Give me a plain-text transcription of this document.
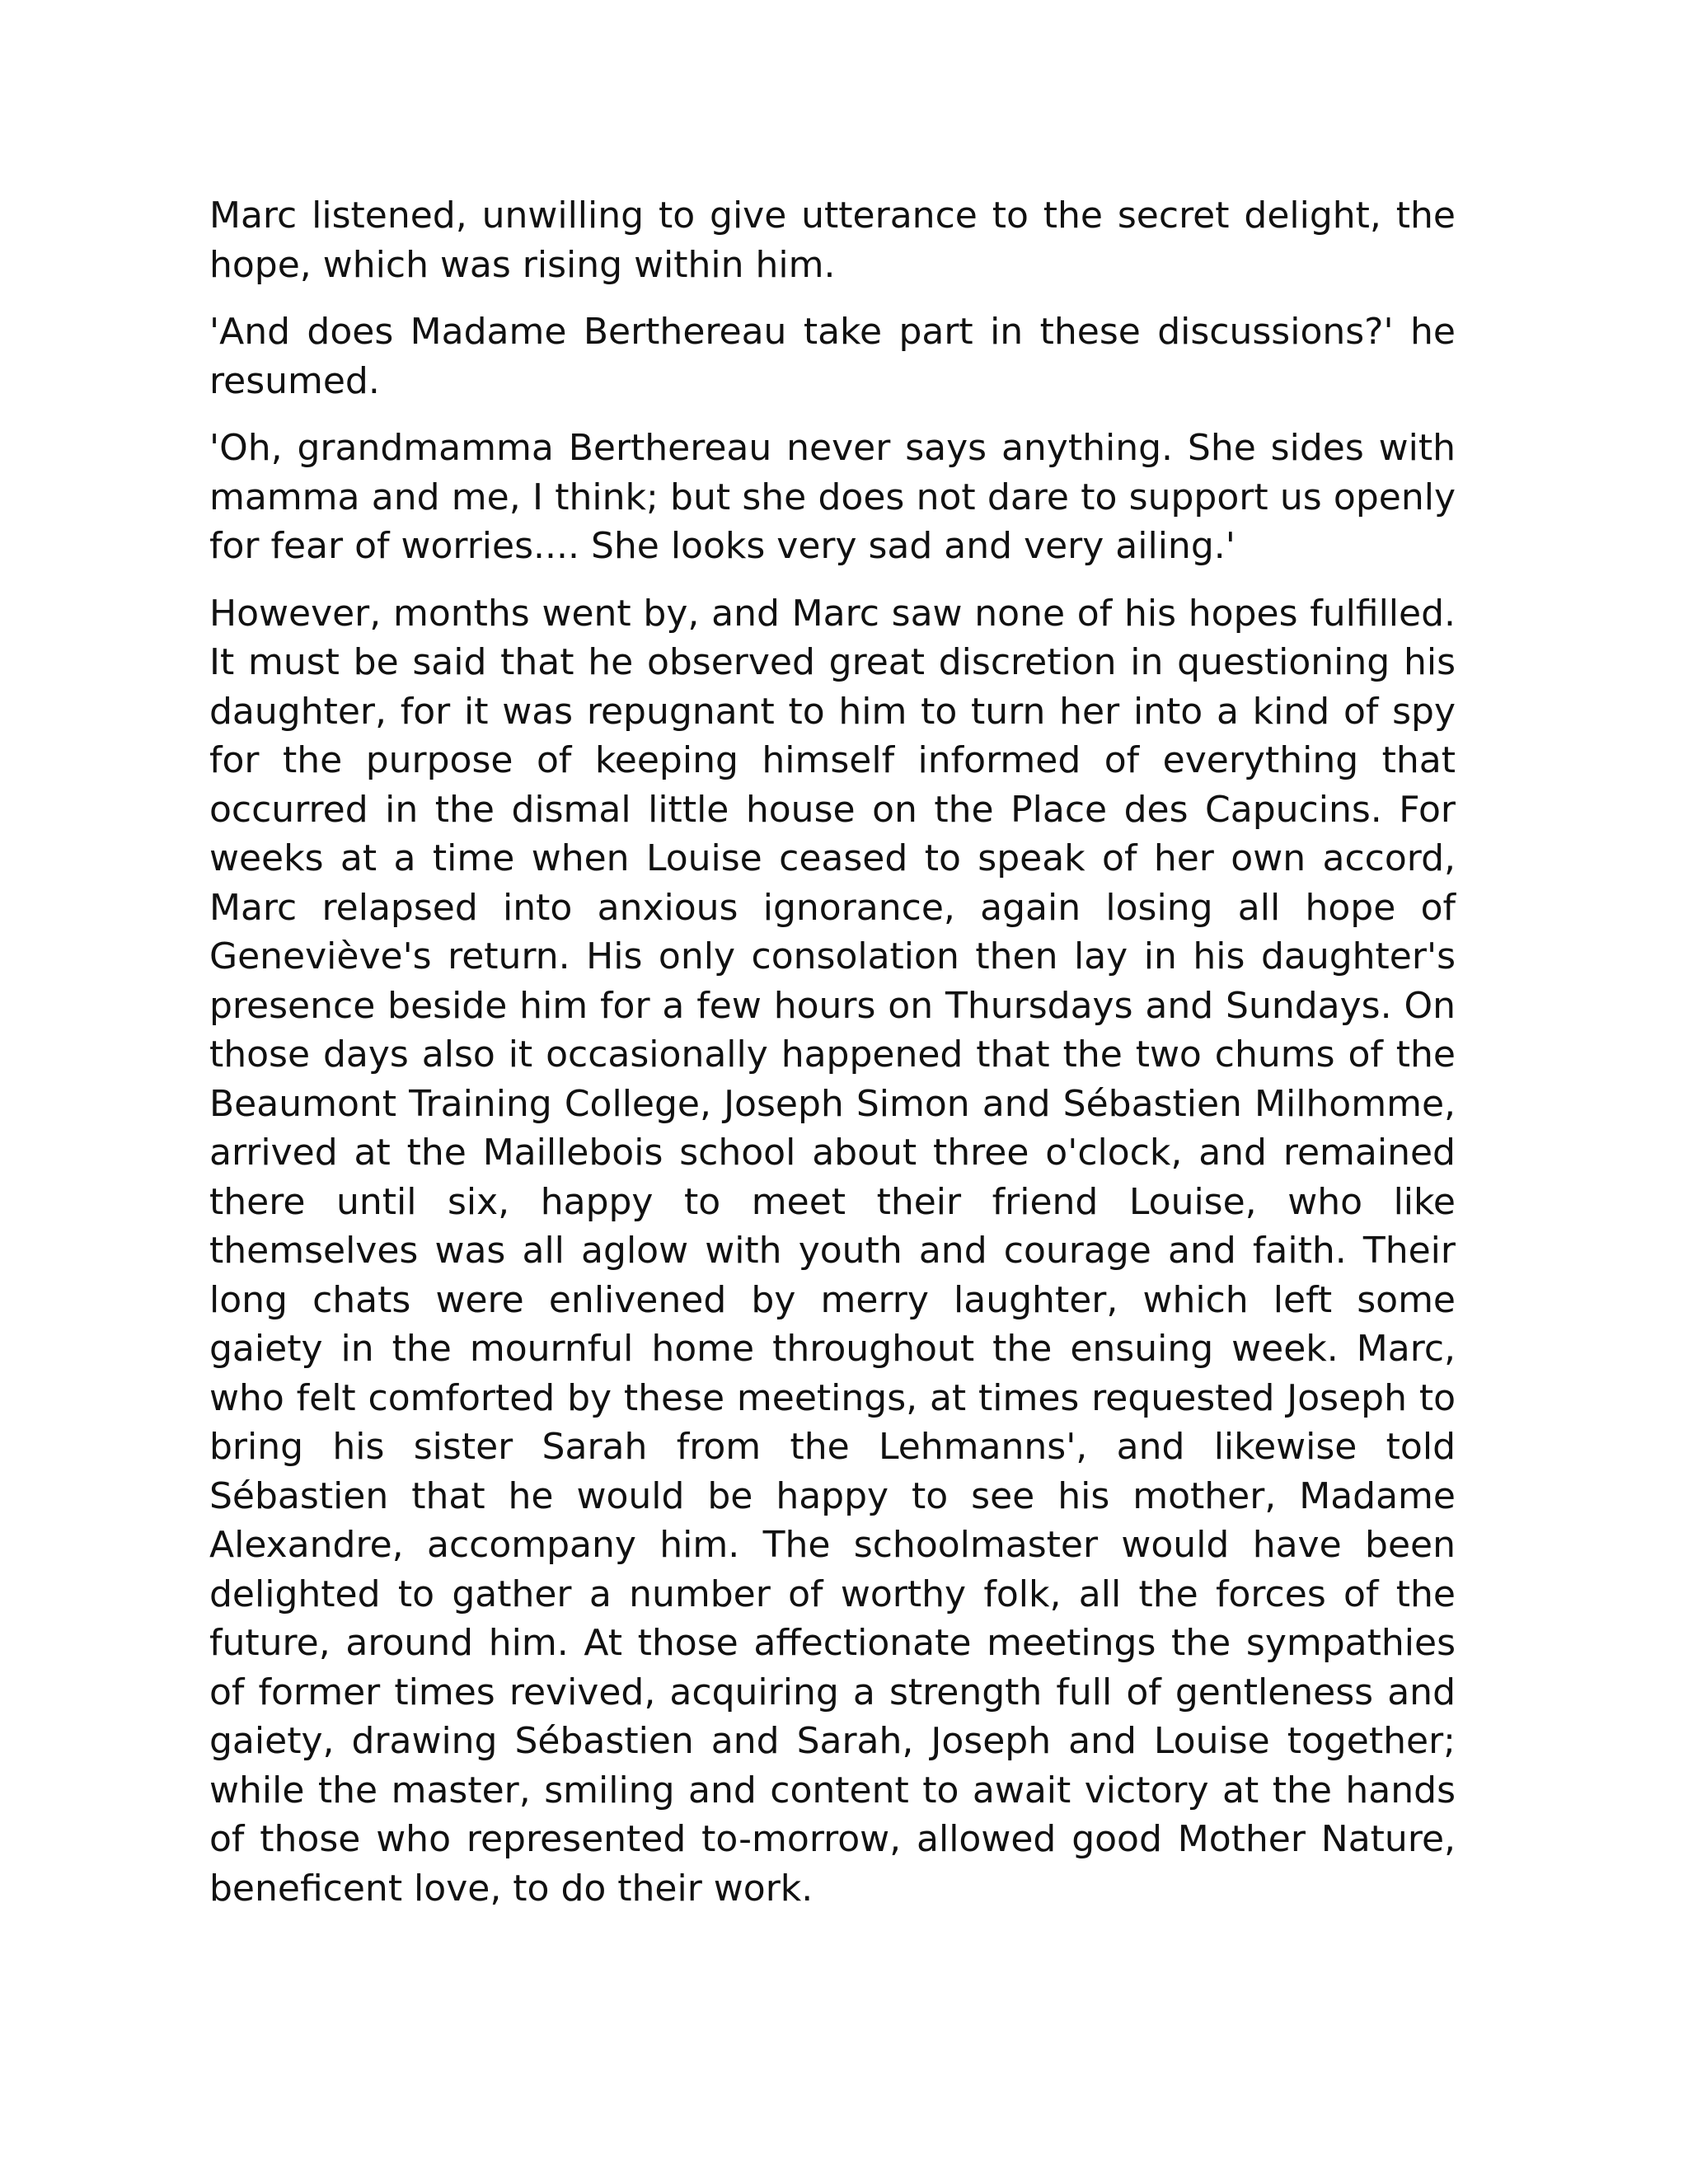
Marc listened, unwilling to give utterance to the secret delight, the hope, which was rising within him.

'And does Madame Berthereau take part in these discussions?' he resumed.

'Oh, grandmamma Berthereau never says anything. She sides with mamma and me, I think; but she does not dare to support us openly for fear of worries.... She looks very sad and very ailing.'

However, months went by, and Marc saw none of his hopes fulfilled. It must be said that he observed great discretion in questioning his daughter, for it was repugnant to him to turn her into a kind of spy for the purpose of keeping himself informed of everything that occurred in the dismal little house on the Place des Capucins. For weeks at a time when Louise ceased to speak of her own accord, Marc relapsed into anxious ignorance, again losing all hope of Geneviève's return. His only consolation then lay in his daughter's presence beside him for a few hours on Thursdays and Sundays. On those days also it occasionally happened that the two chums of the Beaumont Training College, Joseph Simon and Sébastien Milhomme, arrived at the Maillebois school about three o'clock, and remained there until six, happy to meet their friend Louise, who like themselves was all aglow with youth and courage and faith. Their long chats were enlivened by merry laughter, which left some gaiety in the mournful home throughout the ensuing week. Marc, who felt comforted by these meetings, at times requested Joseph to bring his sister Sarah from the Lehmanns', and likewise told Sébastien that he would be happy to see his mother, Madame Alexandre, accompany him. The schoolmaster would have been delighted to gather a number of worthy folk, all the forces of the future, around him. At those affectionate meetings the sympathies of former times revived, acquiring a strength full of gentleness and gaiety, drawing Sébastien and Sarah, Joseph and Louise together; while the master, smiling and content to await victory at the hands of those who represented to-morrow, allowed good Mother Nature, beneficent love, to do their work.
